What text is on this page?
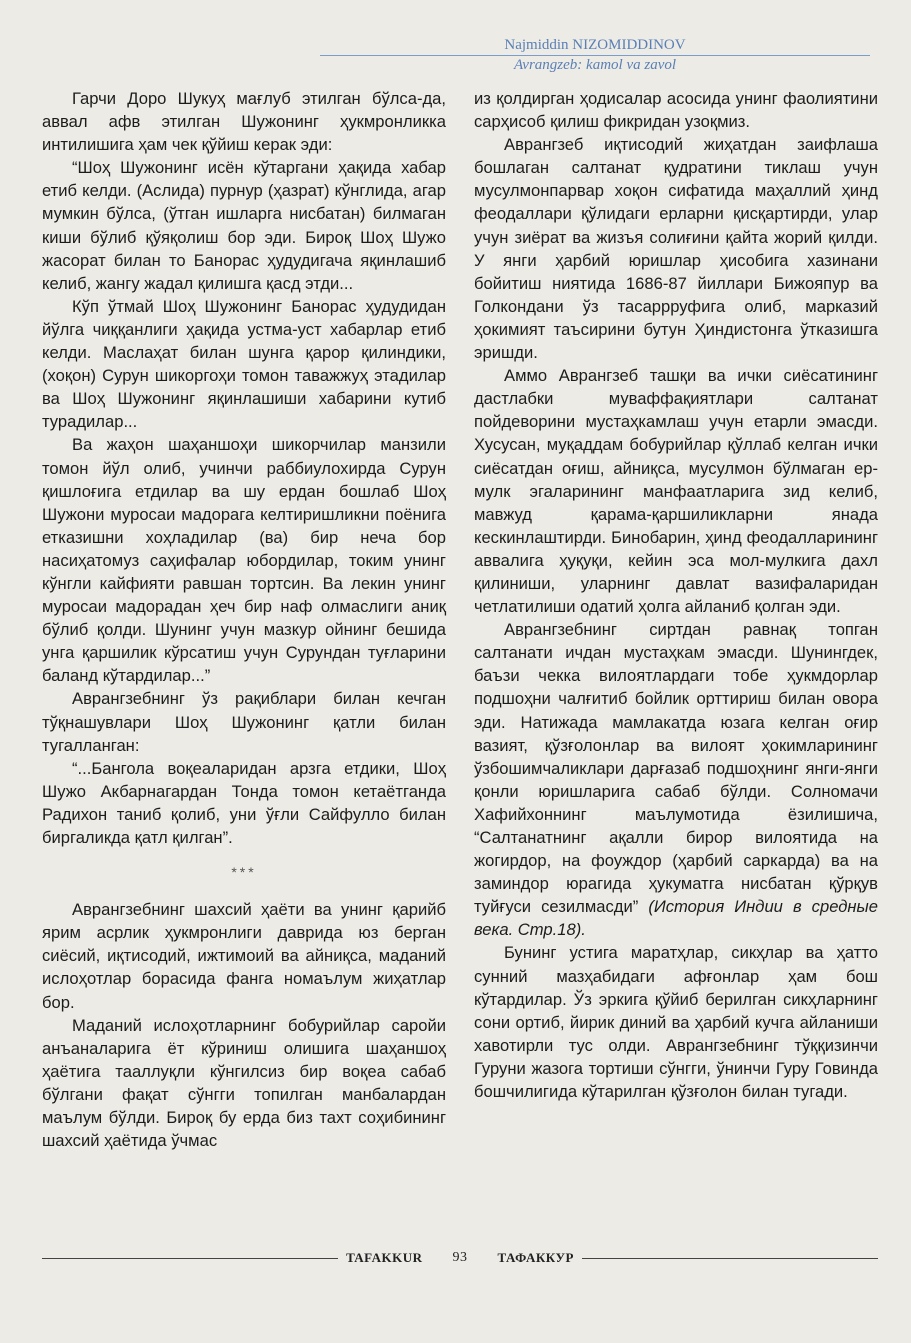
Najmiddin NIZOMIDDINOV
Avrangzeb: kamol va zavol

Гарчи Доро Шукуҳ мағлуб этилган бўлса-да, аввал афв этилган Шужонинг ҳукмронликка интилишига ҳам чек қўйиш керак эди:

“Шоҳ Шужонинг исён кўтаргани ҳақида хабар етиб келди. (Аслида) пурнур (ҳазрат) кўнглида, агар мумкин бўлса, (ўтган ишларга нисбатан) билмаган киши бўлиб қўяқолиш бор эди. Бироқ Шоҳ Шужо жасорат билан то Банорас ҳудудигача яқинлашиб келиб, жангу жадал қилишга қасд этди...

Кўп ўтмай Шоҳ Шужонинг Банорас ҳудудидан йўлга чиққанлиги ҳақида устма-уст хабарлар етиб келди. Маслаҳат билан шунга қарор қилиндики, (хоқон) Сурун шикоргоҳи томон таважжуҳ этадилар ва Шоҳ Шужонинг яқинлашиши хабарини кутиб турадилар...

Ва жаҳон шаҳаншоҳи шикорчилар манзили томон йўл олиб, учинчи раббиулохирда Сурун қишлоғига етдилар ва шу ердан бошлаб Шоҳ Шужони муросаи мадорага келтиришликни поёнига етказишни хоҳладилар (ва) бир неча бор насиҳатомуз саҳифалар юбордилар, токим унинг кўнгли кайфияти равшан тортсин. Ва лекин унинг муросаи мадорадан ҳеч бир наф олмаслиги аниқ бўлиб қолди. Шунинг учун мазкур ойнинг бешида унга қаршилик кўрсатиш учун Сурундан туғларини баланд кўтардилар...”

Аврангзебнинг ўз рақиблари билан кечган тўқнашувлари Шоҳ Шужонинг қатли билан тугалланган:

“...Бангола воқеаларидан арзга етдики, Шоҳ Шужо Акбарнагардан Тонда томон кетаётганда Радихон таниб қолиб, уни ўғли Сайфулло билан биргаликда қатл қилган”.

***

Аврангзебнинг шахсий ҳаёти ва унинг қарийб ярим асрлик ҳукмронлиги даврида юз берган сиёсий, иқтисодий, ижтимоий ва айниқса, маданий ислоҳотлар борасида фанга номаълум жиҳатлар бор.

Маданий ислоҳотларнинг бобурийлар саройи анъаналарига ёт кўриниш олишига шаҳаншоҳ ҳаётига тааллуқли кўнгилсиз бир воқеа сабаб бўлгани фақат сўнгги топилган манбалардан маълум бўлди. Бироқ бу ерда биз тахт соҳибининг шахсий ҳаётида ўчмас

из қолдирган ҳодисалар асосида унинг фаолиятини сарҳисоб қилиш фикридан узоқмиз.

Аврангзеб иқтисодий жиҳатдан заифлаша бошлаган салтанат қудратини тиклаш учун мусулмонпарвар хоқон сифатида маҳаллий ҳинд феодаллари қўлидаги ерларни қисқартирди, улар учун зиёрат ва жизъя солиғини қайта жорий қилди. У янги ҳарбий юришлар ҳисобига хазинани бойитиш ниятида 1686-87 йиллари Бижояпур ва Голкондани ўз тасаррруфига олиб, марказий ҳокимият таъсирини бутун Ҳиндистонга ўтказишга эришди.

Аммо Аврангзеб ташқи ва ички сиёсатининг дастлабки муваффақиятлари салтанат пойдеворини мустаҳкамлаш учун етарли эмасди. Хусусан, муқаддам бобурийлар қўллаб келган ички сиёсатдан оғиш, айниқса, мусулмон бўлмаган ер-мулк эгаларининг манфаатларига зид келиб, мавжуд қарама-қаршиликларни янада кескинлаштирди. Бинобарин, ҳинд феодалларининг аввалига ҳуқуқи, кейин эса мол-мулкига дахл қилиниши, уларнинг давлат вазифаларидан четлатилиши одатий ҳолга айланиб қолган эди.

Аврангзебнинг сиртдан равнақ топган салтанати ичдан мустаҳкам эмасди. Шунингдек, баъзи чекка вилоятлардаги тобе ҳукмдорлар подшоҳни чалғитиб бойлик орттириш билан овора эди. Натижада мамлакатда юзага келган оғир вазият, қўзғолонлар ва вилоят ҳокимларининг ўзбошимчаликлари дарғазаб подшоҳнинг янги-янги қонли юришларига сабаб бўлди. Солномачи Хафийхоннинг маълумотида ёзилишича, “Салтанатнинг ақалли бирор вилоятида на жогирдор, на фоуждор (ҳарбий саркарда) ва на заминдор юрагида ҳукуматга нисбатан қўрқув туйғуси сезилмасди” (История Индии в средные века. Стр.18).

Бунинг устига маратҳлар, сикҳлар ва ҳатто сунний мазҳабидаги афғонлар ҳам бош кўтардилар. Ўз эркига қўйиб берилган сикҳларнинг сони ортиб, йирик диний ва ҳарбий кучга айланиши хавотирли тус олди. Аврангзебнинг тўққизинчи Гуруни жазога тортиши сўнгги, ўнинчи Гуру Говинда бошчилигида кўтарилган қўзғолон билан тугади.

TAFAKKUR 93 ТАФАККУР
